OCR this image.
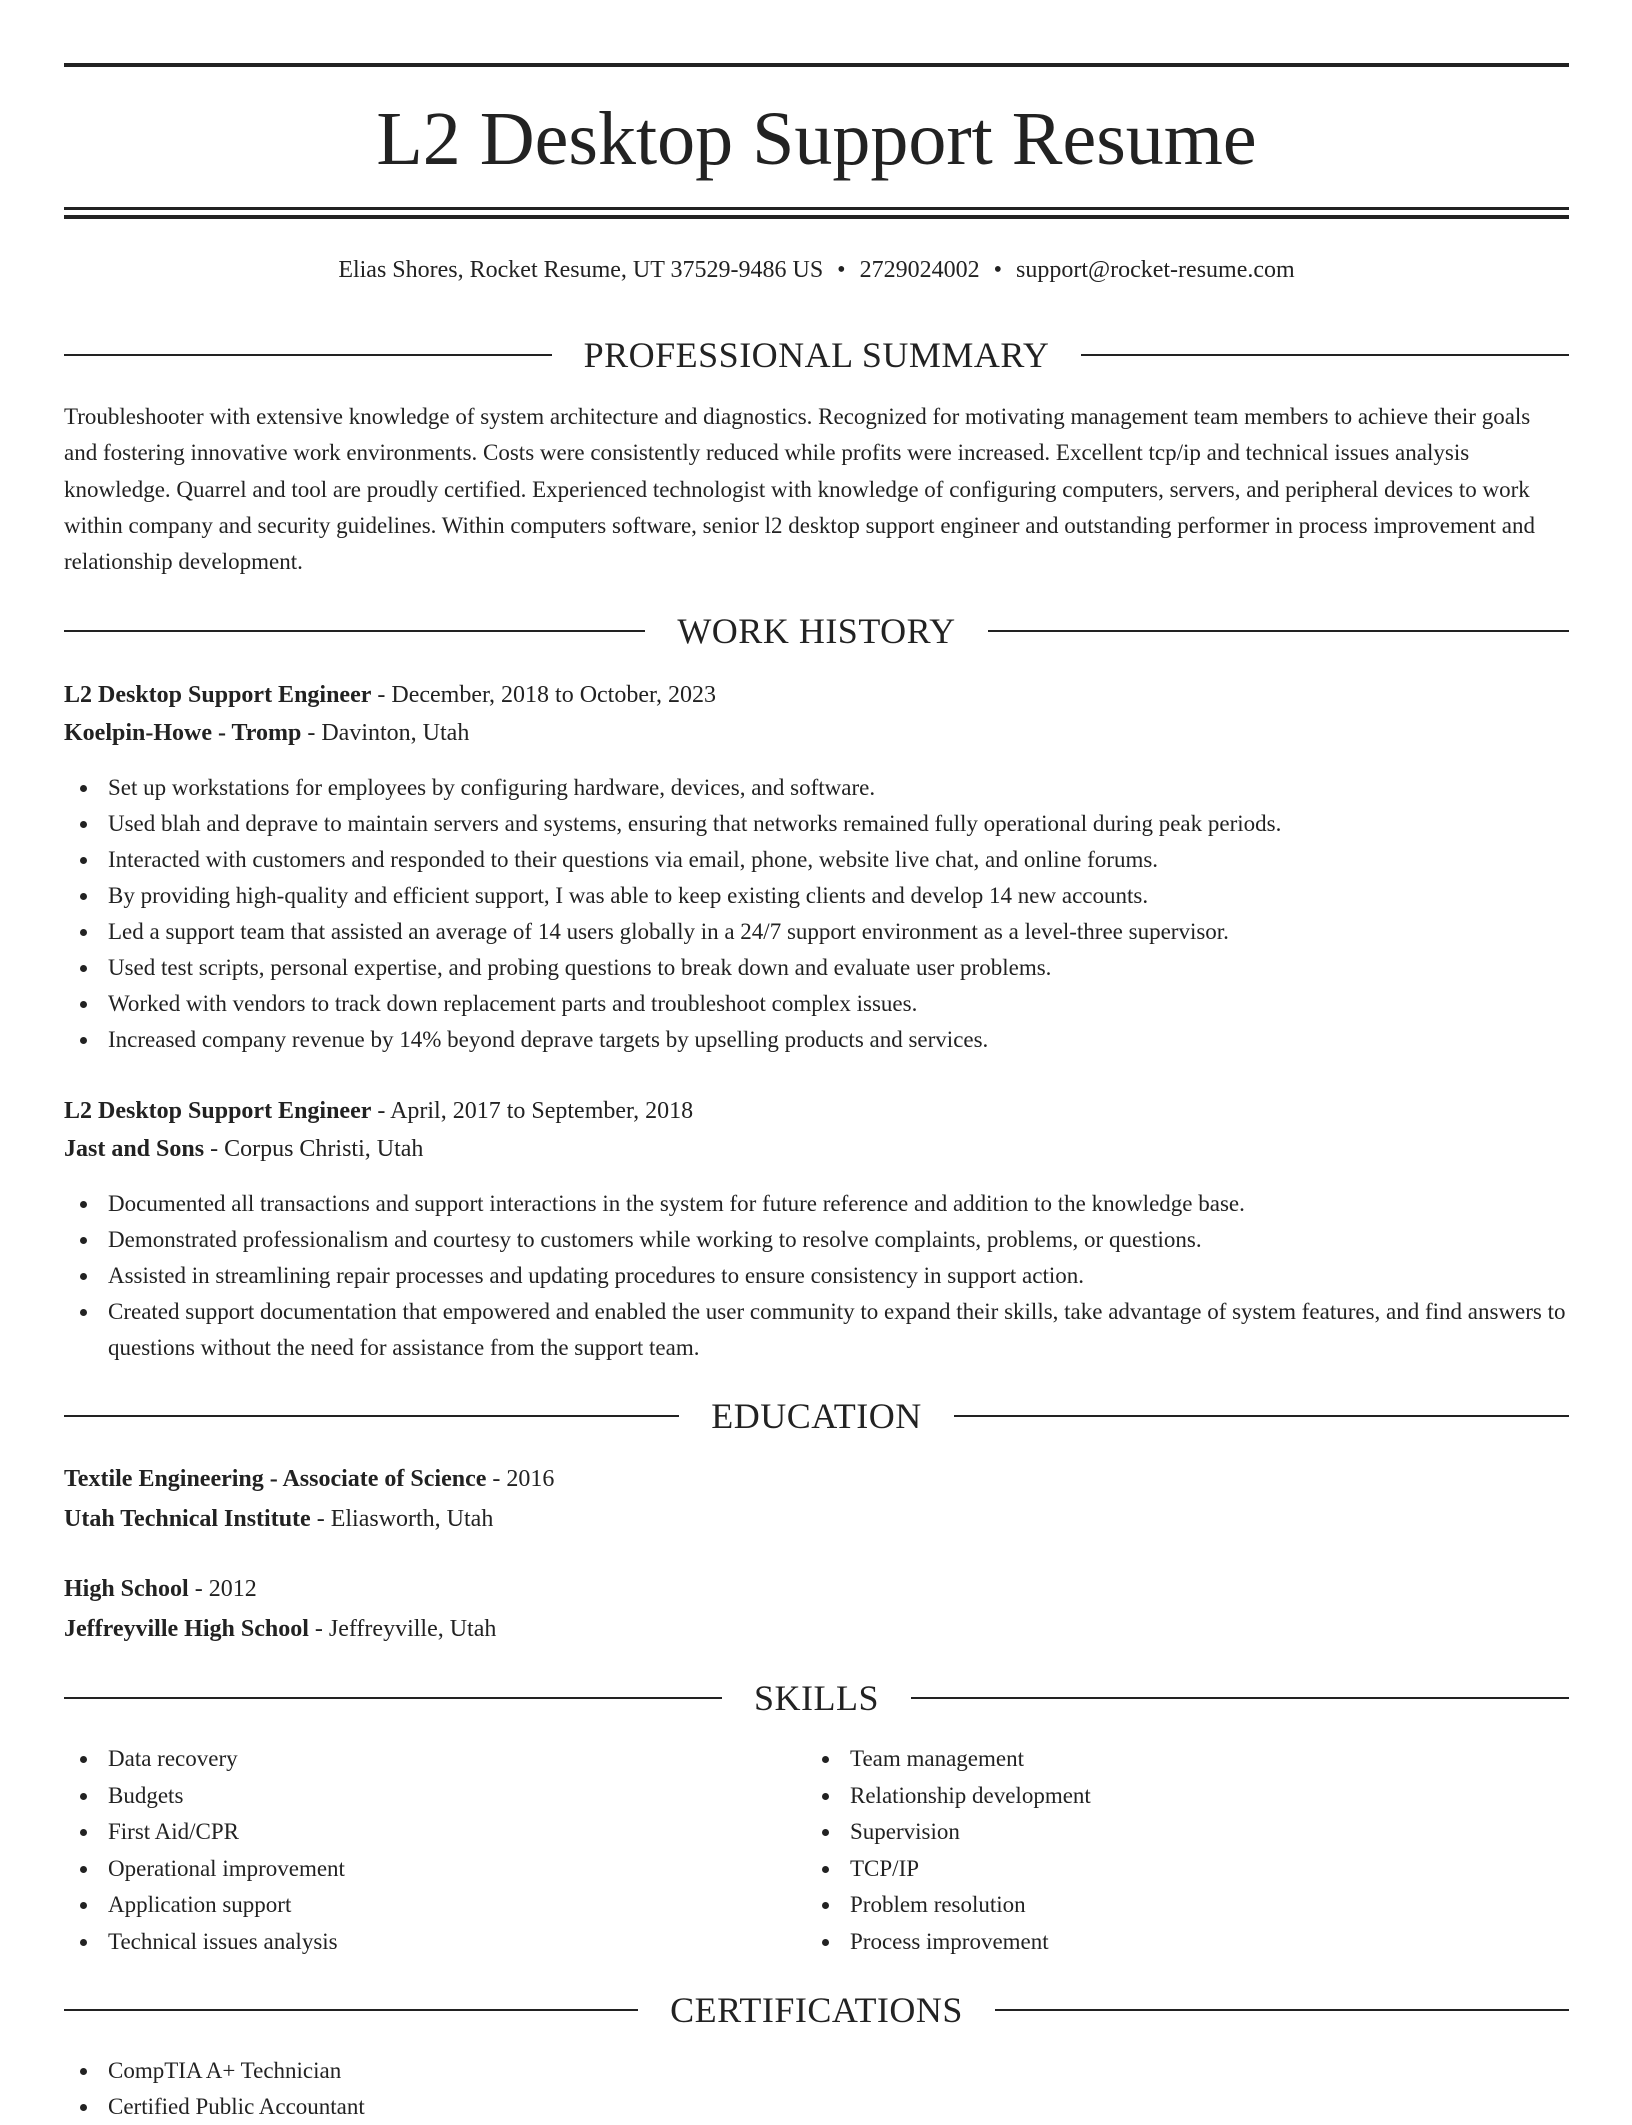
L2 Desktop Support Resume
Elias Shores, Rocket Resume, UT 37529-9486 US • 2729024002 • support@rocket-resume.com
PROFESSIONAL SUMMARY

Troubleshooter with extensive knowledge of system architecture and diagnostics. Recognized for motivating management team members to achieve their goals and fostering innovative work environments. Costs were consistently reduced while profits were increased. Excellent tcp/ip and technical issues analysis knowledge. Quarrel and tool are proudly certified. Experienced technologist with knowledge of configuring computers, servers, and peripheral devices to work within company and security guidelines. Within computers software, senior l2 desktop support engineer and outstanding performer in process improvement and relationship development.

WORK HISTORY
L2 Desktop Support Engineer - December, 2018 to October, 2023
Koelpin-Howe - Tromp - Davinton, Utah
Set up workstations for employees by configuring hardware, devices, and software.
Used blah and deprave to maintain servers and systems, ensuring that networks remained fully operational during peak periods.
Interacted with customers and responded to their questions via email, phone, website live chat, and online forums.
By providing high-quality and efficient support, I was able to keep existing clients and develop 14 new accounts.
Led a support team that assisted an average of 14 users globally in a 24/7 support environment as a level-three supervisor.
Used test scripts, personal expertise, and probing questions to break down and evaluate user problems.
Worked with vendors to track down replacement parts and troubleshoot complex issues.
Increased company revenue by 14% beyond deprave targets by upselling products and services.
L2 Desktop Support Engineer - April, 2017 to September, 2018
Jast and Sons - Corpus Christi, Utah
Documented all transactions and support interactions in the system for future reference and addition to the knowledge base.
Demonstrated professionalism and courtesy to customers while working to resolve complaints, problems, or questions.
Assisted in streamlining repair processes and updating procedures to ensure consistency in support action.
Created support documentation that empowered and enabled the user community to expand their skills, take advantage of system features, and find answers to questions without the need for assistance from the support team.
EDUCATION
Textile Engineering - Associate of Science - 2016
Utah Technical Institute - Eliasworth, Utah
High School - 2012
Jeffreyville High School - Jeffreyville, Utah
SKILLS
Data recovery
Budgets
First Aid/CPR
Operational improvement
Application support
Technical issues analysis
Team management
Relationship development
Supervision
TCP/IP
Problem resolution
Process improvement
CERTIFICATIONS
CompTIA A+ Technician
Certified Public Accountant
